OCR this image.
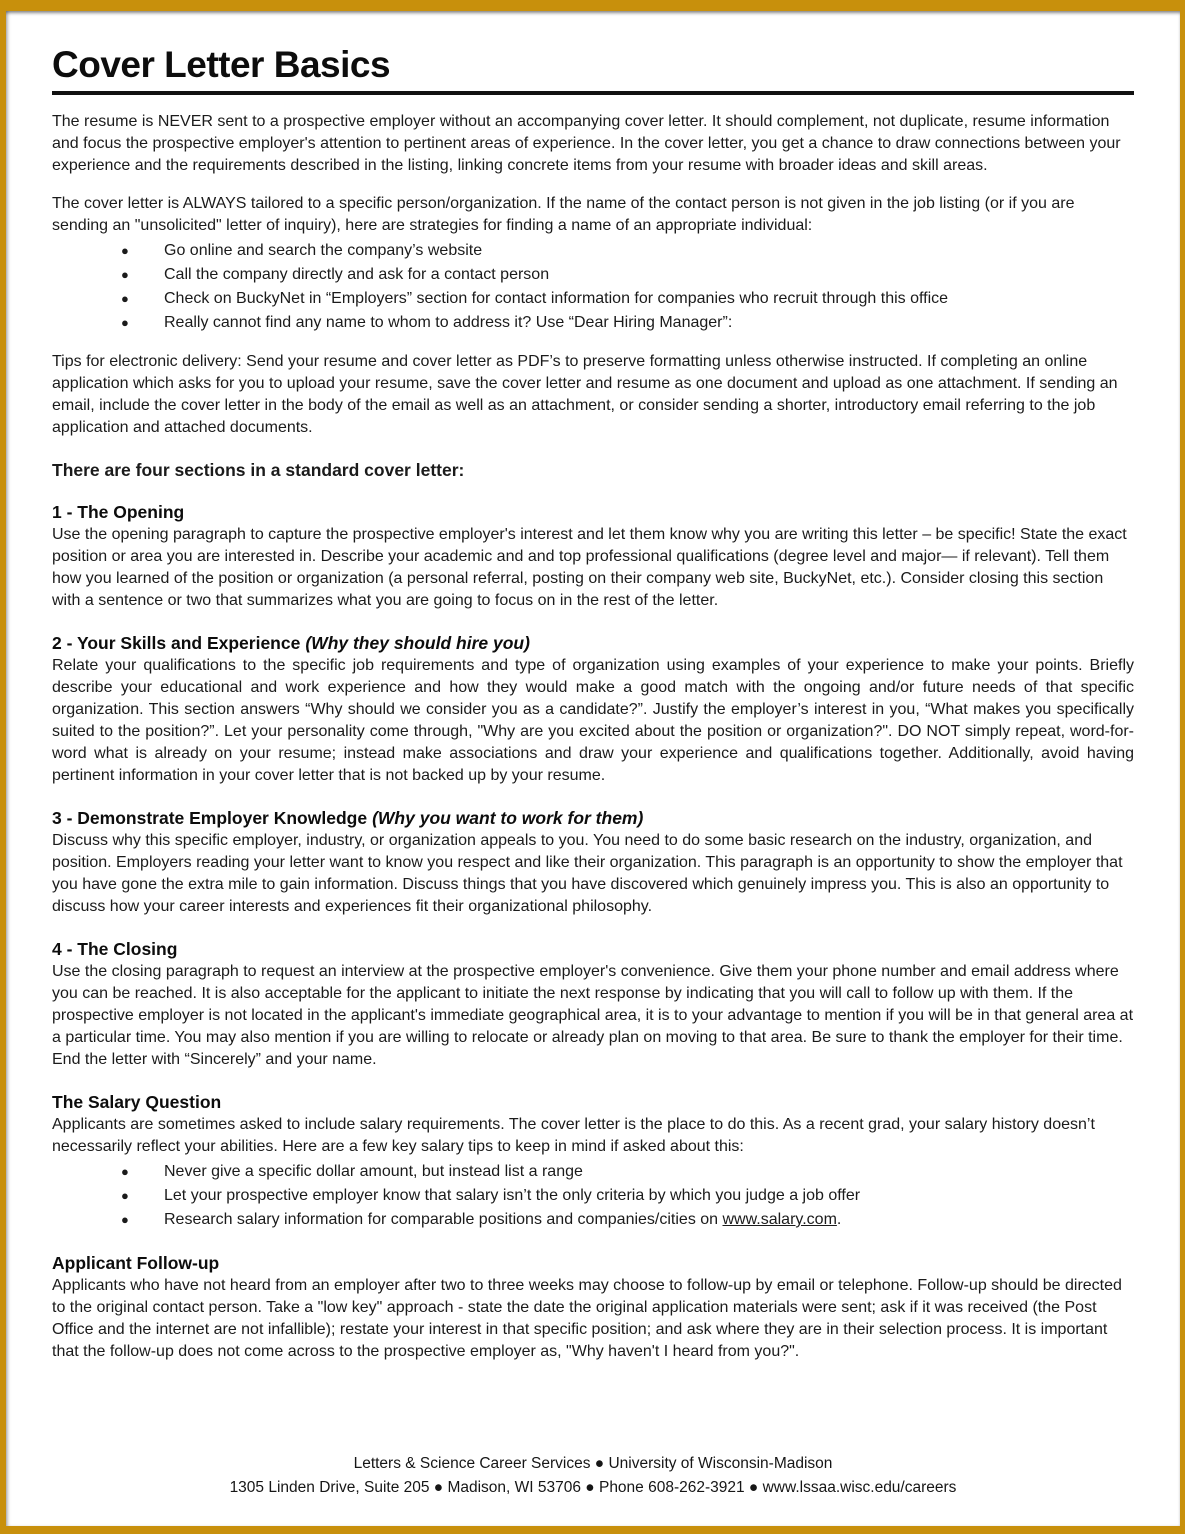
Cover Letter Basics

The resume is NEVER sent to a prospective employer without an accompanying cover letter. It should complement, not duplicate, resume information and focus the prospective employer's attention to pertinent areas of experience. In the cover letter, you get a chance to draw connections between your experience and the requirements described in the listing, linking concrete items from your resume with broader ideas and skill areas.

The cover letter is ALWAYS tailored to a specific person/organization. If the name of the contact person is not given in the job listing (or if you are sending an "unsolicited" letter of inquiry), here are strategies for finding a name of an appropriate individual:

● Go online and search the company’s website
● Call the company directly and ask for a contact person
● Check on BuckyNet in “Employers” section for contact information for companies who recruit through this office
● Really cannot find any name to whom to address it? Use “Dear Hiring Manager”:

Tips for electronic delivery: Send your resume and cover letter as PDF’s to preserve formatting unless otherwise instructed. If completing an online application which asks for you to upload your resume, save the cover letter and resume as one document and upload as one attachment. If sending an email, include the cover letter in the body of the email as well as an attachment, or consider sending a shorter, introductory email referring to the job application and attached documents.

There are four sections in a standard cover letter:

1 - The Opening

Use the opening paragraph to capture the prospective employer's interest and let them know why you are writing this letter – be specific! State the exact position or area you are interested in. Describe your academic and and top professional qualifications (degree level and major— if relevant). Tell them how you learned of the position or organization (a personal referral, posting on their company web site, BuckyNet, etc.). Consider closing this section with a sentence or two that summarizes what you are going to focus on in the rest of the letter.

2 - Your Skills and Experience (Why they should hire you)

Relate your qualifications to the specific job requirements and type of organization using examples of your experience to make your points. Briefly describe your educational and work experience and how they would make a good match with the ongoing and/or future needs of that specific organization. This section answers “Why should we consider you as a candidate?”. Justify the employer’s interest in you, “What makes you specifically suited to the position?”. Let your personality come through, "Why are you excited about the position or organization?". DO NOT simply repeat, word-for-word what is already on your resume; instead make associations and draw your experience and qualifications together. Additionally, avoid having pertinent information in your cover letter that is not backed up by your resume.

3 - Demonstrate Employer Knowledge (Why you want to work for them)

Discuss why this specific employer, industry, or organization appeals to you. You need to do some basic research on the industry, organization, and position. Employers reading your letter want to know you respect and like their organization. This paragraph is an opportunity to show the employer that you have gone the extra mile to gain information. Discuss things that you have discovered which genuinely impress you. This is also an opportunity to discuss how your career interests and experiences fit their organizational philosophy.

4 - The Closing

Use the closing paragraph to request an interview at the prospective employer's convenience. Give them your phone number and email address where you can be reached. It is also acceptable for the applicant to initiate the next response by indicating that you will call to follow up with them. If the prospective employer is not located in the applicant's immediate geographical area, it is to your advantage to mention if you will be in that general area at a particular time. You may also mention if you are willing to relocate or already plan on moving to that area. Be sure to thank the employer for their time. End the letter with “Sincerely” and your name.

The Salary Question

Applicants are sometimes asked to include salary requirements. The cover letter is the place to do this. As a recent grad, your salary history doesn’t necessarily reflect your abilities. Here are a few key salary tips to keep in mind if asked about this:

● Never give a specific dollar amount, but instead list a range
● Let your prospective employer know that salary isn’t the only criteria by which you judge a job offer
● Research salary information for comparable positions and companies/cities on www.salary.com.
Applicant Follow-up

Applicants who have not heard from an employer after two to three weeks may choose to follow-up by email or telephone. Follow-up should be directed to the original contact person. Take a "low key" approach - state the date the original application materials were sent; ask if it was received (the Post Office and the internet are not infallible); restate your interest in that specific position; and ask where they are in their selection process. It is important that the follow-up does not come across to the prospective employer as, "Why haven't I heard from you?".

Letters & Science Career Services ● University of Wisconsin-Madison
1305 Linden Drive, Suite 205 ● Madison, WI 53706 ● Phone 608-262-3921 ● www.lssaa.wisc.edu/careers
